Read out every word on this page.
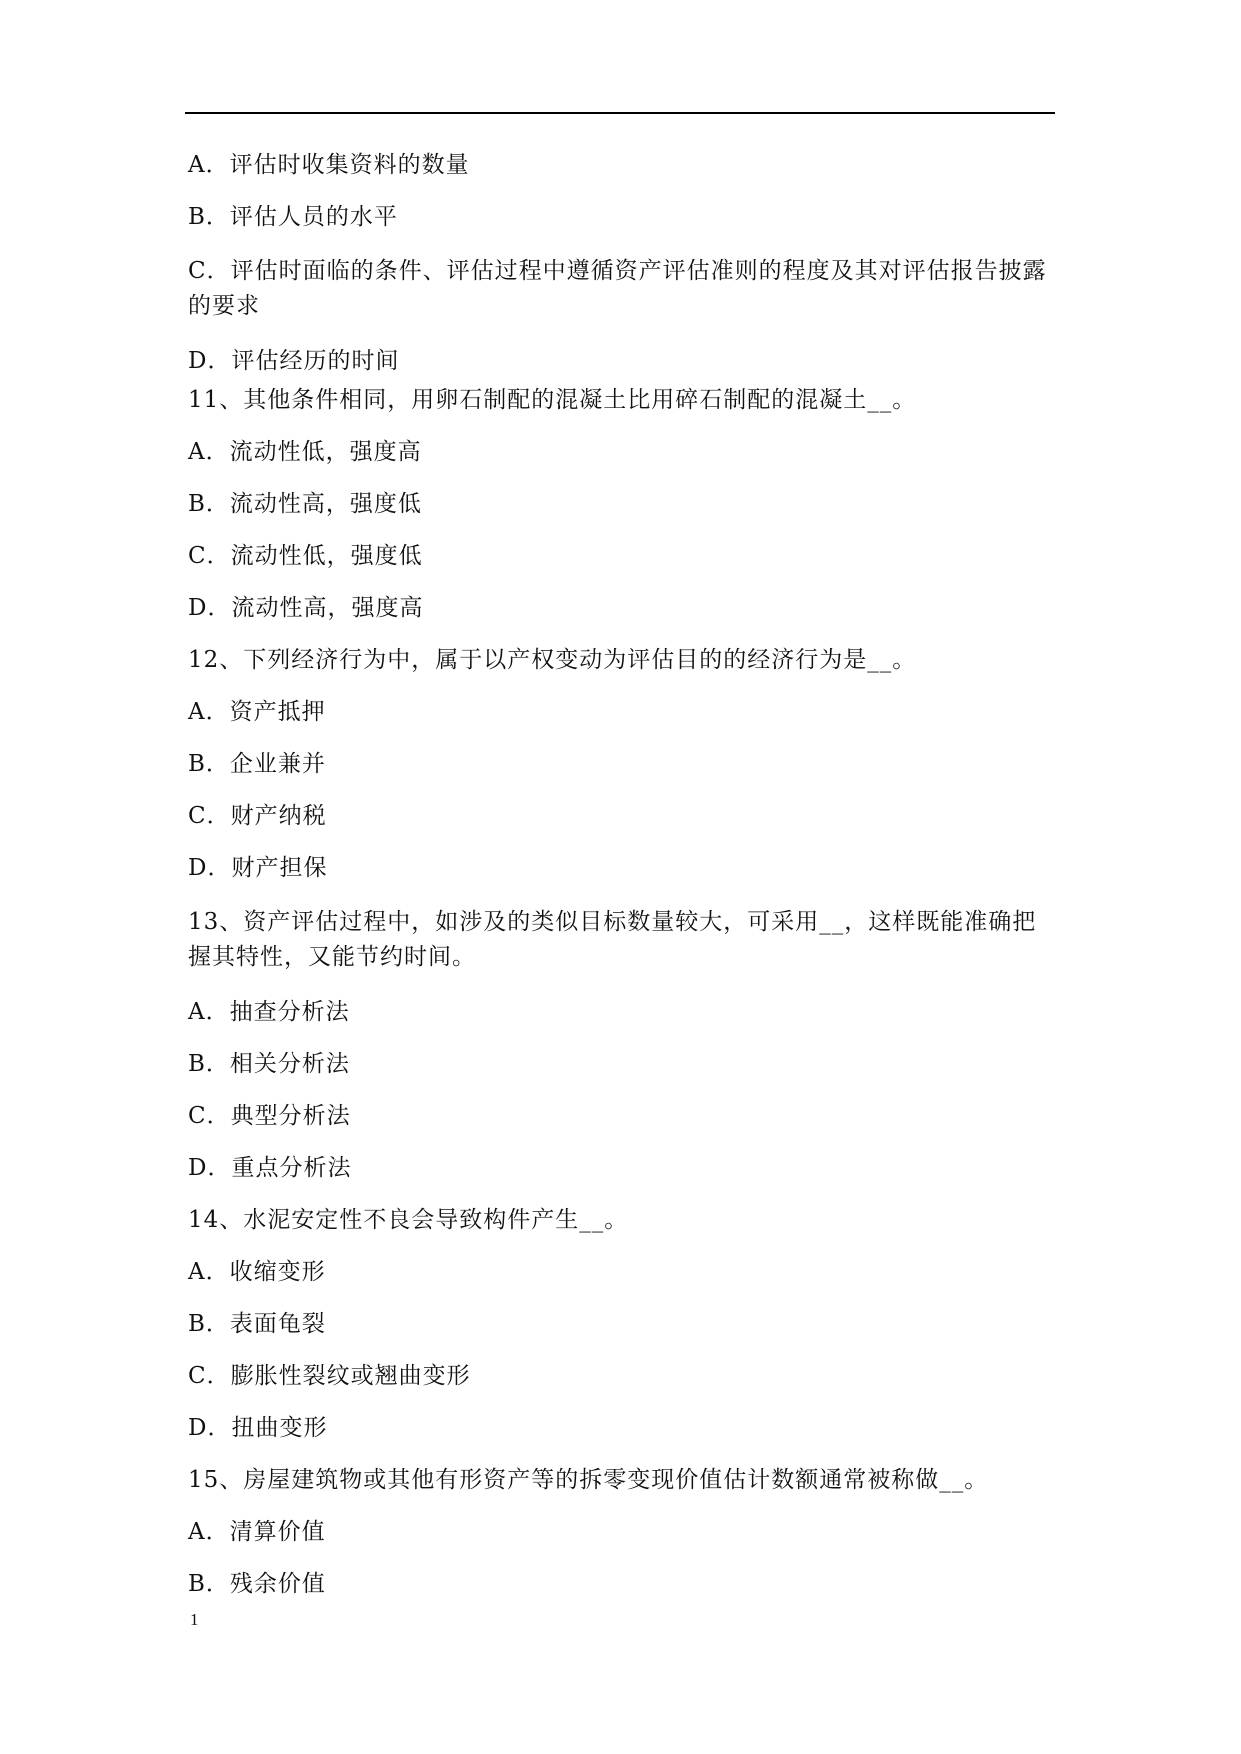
A．评估时收集资料的数量

B．评估人员的水平

C．评估时面临的条件、评估过程中遵循资产评估准则的程度及其对评估报告披露的要求

D．评估经历的时间

11、其他条件相同，用卵石制配的混凝土比用碎石制配的混凝土__。

A．流动性低，强度高

B．流动性高，强度低

C．流动性低，强度低

D．流动性高，强度高

12、下列经济行为中，属于以产权变动为评估目的的经济行为是__。

A．资产抵押

B．企业兼并

C．财产纳税

D．财产担保

13、资产评估过程中，如涉及的类似目标数量较大，可采用__，这样既能准确把握其特性，又能节约时间。

A．抽查分析法

B．相关分析法

C．典型分析法

D．重点分析法

14、水泥安定性不良会导致构件产生__。

A．收缩变形

B．表面龟裂

C．膨胀性裂纹或翘曲变形

D．扭曲变形

15、房屋建筑物或其他有形资产等的拆零变现价值估计数额通常被称做__。

A．清算价值

B．残余价值

1
